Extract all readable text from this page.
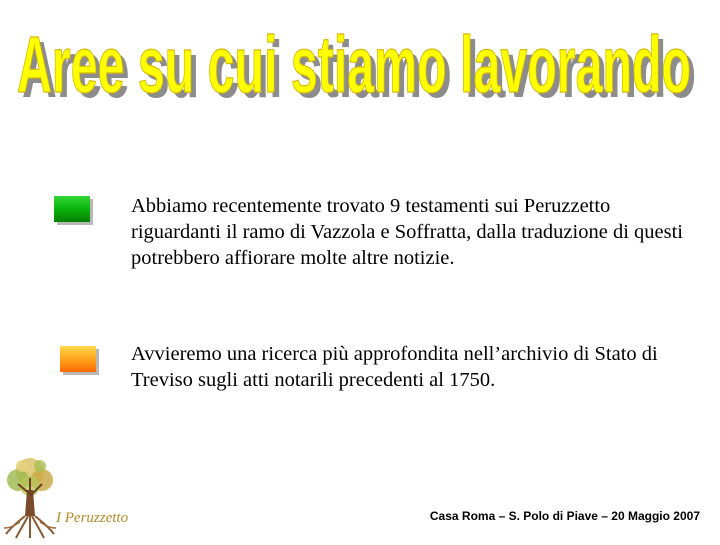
Aree su cui stiamo lavorando
Aree su cui stiamo lavorando

Abbiamo recentemente trovato 9 testamenti sui Peruzzetto riguardanti il ramo di Vazzola e Soffratta, dalla traduzione di questi potrebbero affiorare molte altre notizie.

Avvieremo una ricerca più approfondita nell’archivio di Stato di Treviso sugli atti notarili precedenti al 1750.

I Peruzzetto	Casa Roma – S. Polo di Piave – 20 Maggio 2007
